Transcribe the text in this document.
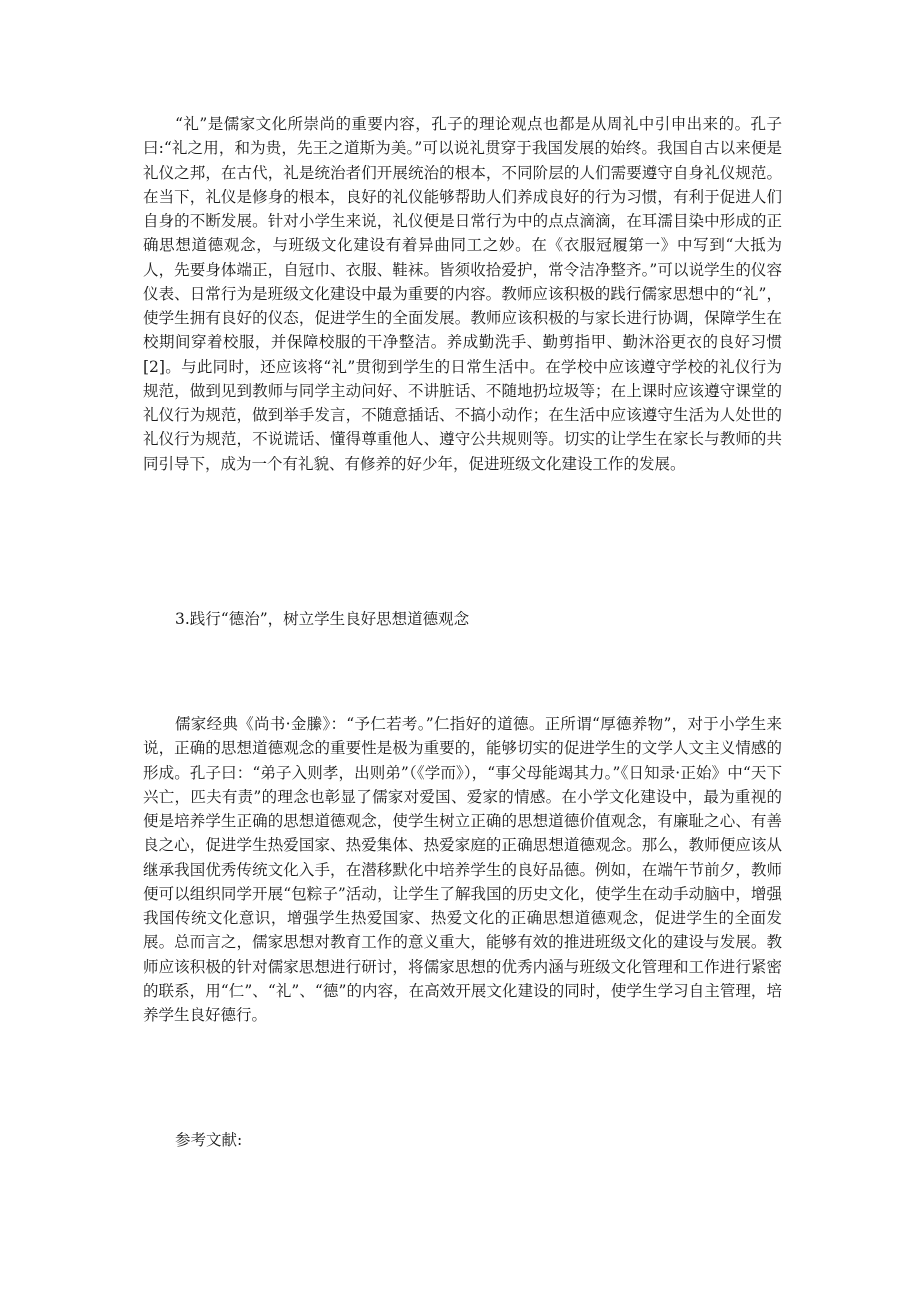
“礼”是儒家文化所崇尚的重要内容，孔子的理论观点也都是从周礼中引申出来的。孔子曰:“礼之用，和为贵，先王之道斯为美。”可以说礼贯穿于我国发展的始终。我国自古以来便是礼仪之邦，在古代，礼是统治者们开展统治的根本，不同阶层的人们需要遵守自身礼仪规范。在当下，礼仪是修身的根本，良好的礼仪能够帮助人们养成良好的行为习惯，有利于促进人们自身的不断发展。针对小学生来说，礼仪便是日常行为中的点点滴滴，在耳濡目染中形成的正确思想道德观念，与班级文化建设有着异曲同工之妙。在《衣服冠履第一》中写到“大抵为人，先要身体端正，自冠巾、衣服、鞋袜。皆须收拾爱护，常令洁净整齐。”可以说学生的仪容仪表、日常行为是班级文化建设中最为重要的内容。教师应该积极的践行儒家思想中的“礼”，使学生拥有良好的仪态，促进学生的全面发展。教师应该积极的与家长进行协调，保障学生在校期间穿着校服，并保障校服的干净整洁。养成勤洗手、勤剪指甲、勤沐浴更衣的良好习惯[2]。与此同时，还应该将“礼”贯彻到学生的日常生活中。在学校中应该遵守学校的礼仪行为规范，做到见到教师与同学主动问好、不讲脏话、不随地扔垃圾等；在上课时应该遵守课堂的礼仪行为规范，做到举手发言，不随意插话、不搞小动作；在生活中应该遵守生活为人处世的礼仪行为规范，不说谎话、懂得尊重他人、遵守公共规则等。切实的让学生在家长与教师的共同引导下，成为一个有礼貌、有修养的好少年，促进班级文化建设工作的发展。

3.践行“德治”，树立学生良好思想道德观念

儒家经典《尚书·金縢》：“予仁若考。”仁指好的道德。正所谓“厚德养物”，对于小学生来说，正确的思想道德观念的重要性是极为重要的，能够切实的促进学生的文学人文主义情感的形成。孔子曰：“弟子入则孝，出则弟”（《学而》），“事父母能竭其力。”《日知录·正始》中“天下兴亡，匹夫有责”的理念也彰显了儒家对爱国、爱家的情感。在小学文化建设中，最为重视的便是培养学生正确的思想道德观念，使学生树立正确的思想道德价值观念，有廉耻之心、有善良之心，促进学生热爱国家、热爱集体、热爱家庭的正确思想道德观念。那么，教师便应该从继承我国优秀传统文化入手，在潜移默化中培养学生的良好品德。例如，在端午节前夕，教师便可以组织同学开展“包粽子”活动，让学生了解我国的历史文化，使学生在动手动脑中，增强我国传统文化意识，增强学生热爱国家、热爱文化的正确思想道德观念，促进学生的全面发展。总而言之，儒家思想对教育工作的意义重大，能够有效的推进班级文化的建设与发展。教师应该积极的针对儒家思想进行研讨，将儒家思想的优秀内涵与班级文化管理和工作进行紧密的联系，用“仁”、“礼”、“德”的内容，在高效开展文化建设的同时，使学生学习自主管理，培养学生良好德行。

参考文献:
